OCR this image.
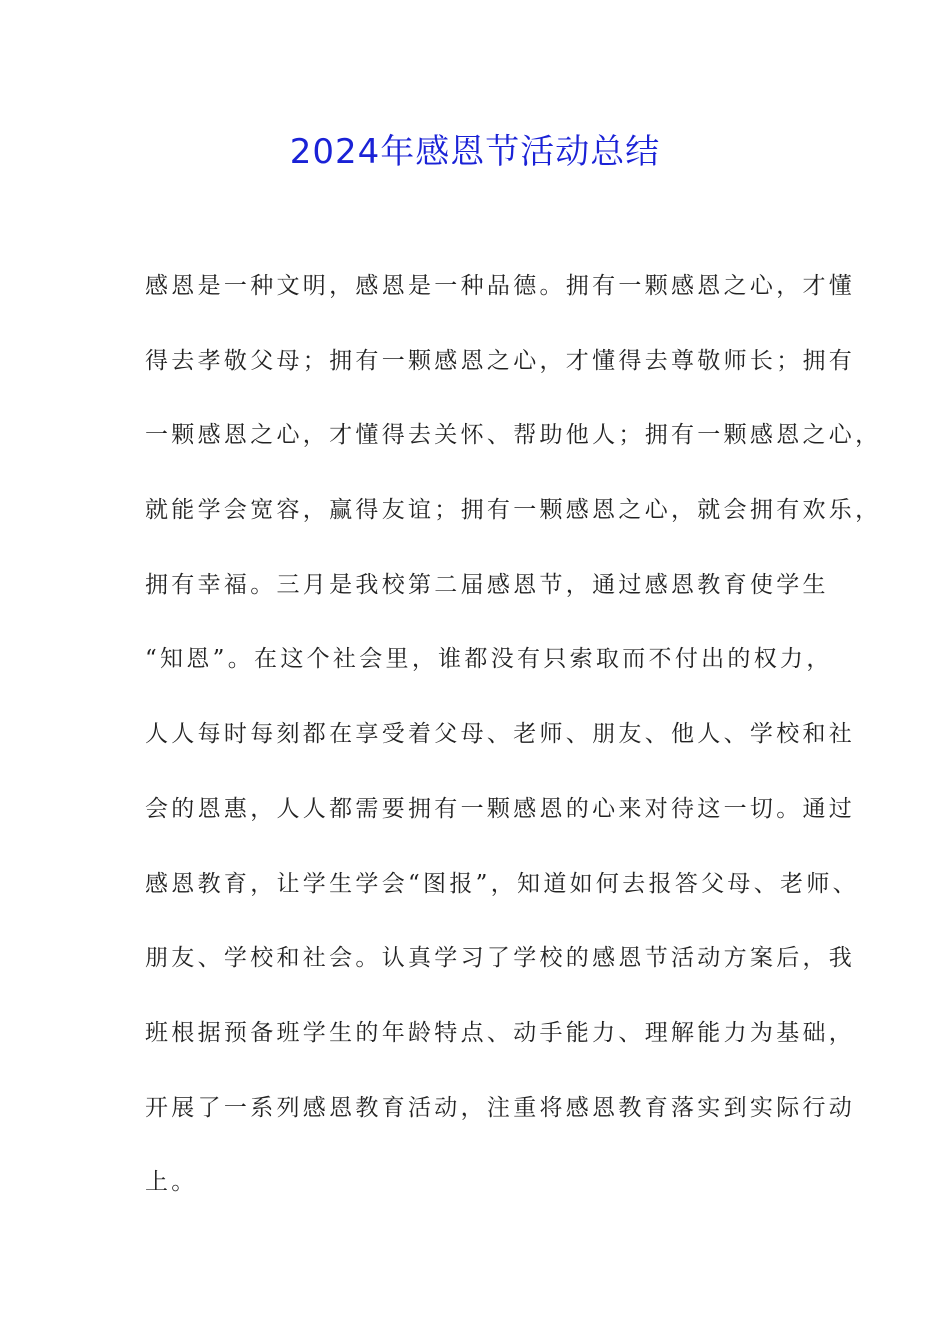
2024年感恩节活动总结
感恩是一种文明，感恩是一种品德。拥有一颗感恩之心，才懂
得去孝敬父母；拥有一颗感恩之心，才懂得去尊敬师长；拥有
一颗感恩之心，才懂得去关怀、帮助他人；拥有一颗感恩之心，
就能学会宽容，赢得友谊；拥有一颗感恩之心，就会拥有欢乐，
拥有幸福。三月是我校第二届感恩节，通过感恩教育使学生
“知恩”。在这个社会里，谁都没有只索取而不付出的权力，
人人每时每刻都在享受着父母、老师、朋友、他人、学校和社
会的恩惠，人人都需要拥有一颗感恩的心来对待这一切。通过
感恩教育，让学生学会“图报”，知道如何去报答父母、老师、
朋友、学校和社会。认真学习了学校的感恩节活动方案后，我
班根据预备班学生的年龄特点、动手能力、理解能力为基础，
开展了一系列感恩教育活动，注重将感恩教育落实到实际行动
上。
